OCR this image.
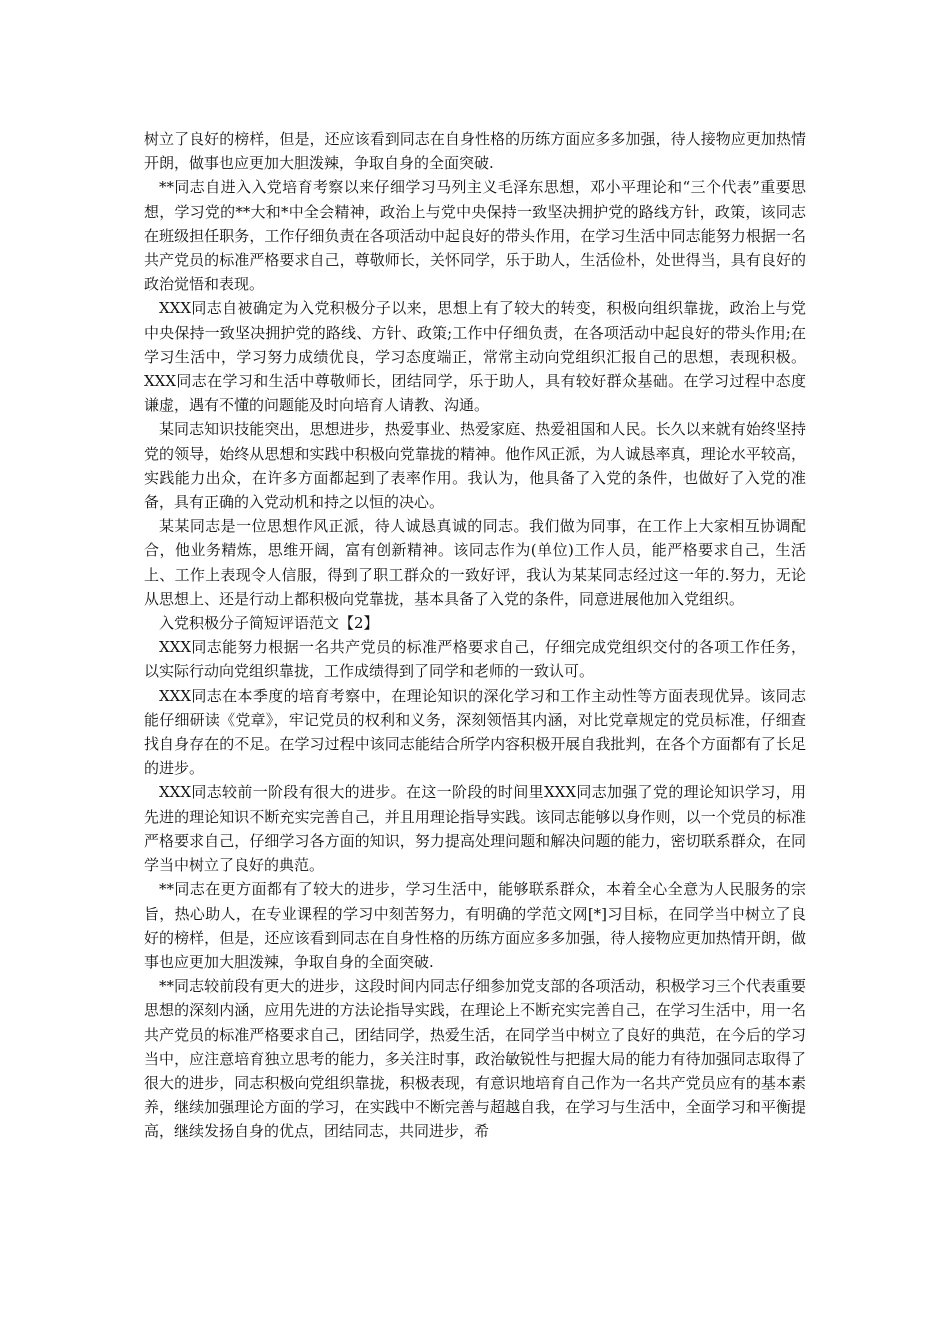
树立了良好的榜样，但是，还应该看到同志在自身性格的历练方面应多多加强，待人接物应更加热情开朗，做事也应更加大胆泼辣，争取自身的全面突破.

**同志自进入入党培育考察以来仔细学习马列主义毛泽东思想，邓小平理论和“三个代表”重要思想，学习党的**大和*中全会精神，政治上与党中央保持一致坚决拥护党的路线方针，政策，该同志在班级担任职务，工作仔细负责在各项活动中起良好的带头作用，在学习生活中同志能努力根据一名共产党员的标准严格要求自己，尊敬师长，关怀同学，乐于助人，生活俭朴，处世得当，具有良好的政治觉悟和表现。

XXX同志自被确定为入党积极分子以来，思想上有了较大的转变，积极向组织靠拢，政治上与党中央保持一致坚决拥护党的路线、方针、政策;工作中仔细负责，在各项活动中起良好的带头作用;在学习生活中，学习努力成绩优良，学习态度端正，常常主动向党组织汇报自己的思想，表现积极。XXX同志在学习和生活中尊敬师长，团结同学，乐于助人，具有较好群众基础。在学习过程中态度谦虚，遇有不懂的问题能及时向培育人请教、沟通。

某同志知识技能突出，思想进步，热爱事业、热爱家庭、热爱祖国和人民。长久以来就有始终坚持党的领导，始终从思想和实践中积极向党靠拢的精神。他作风正派，为人诚恳率真，理论水平较高，实践能力出众，在许多方面都起到了表率作用。我认为，他具备了入党的条件，也做好了入党的准备，具有正确的入党动机和持之以恒的决心。

某某同志是一位思想作风正派，待人诚恳真诚的同志。我们做为同事，在工作上大家相互协调配合，他业务精炼，思维开阔，富有创新精神。该同志作为(单位)工作人员，能严格要求自己，生活上、工作上表现令人信服，得到了职工群众的一致好评，我认为某某同志经过这一年的.努力，无论从思想上、还是行动上都积极向党靠拢，基本具备了入党的条件，同意进展他加入党组织。

入党积极分子简短评语范文【2】

XXX同志能努力根据一名共产党员的标准严格要求自己，仔细完成党组织交付的各项工作任务，以实际行动向党组织靠拢，工作成绩得到了同学和老师的一致认可。

XXX同志在本季度的培育考察中，在理论知识的深化学习和工作主动性等方面表现优异。该同志能仔细研读《党章》，牢记党员的权利和义务，深刻领悟其内涵，对比党章规定的党员标准，仔细查找自身存在的不足。在学习过程中该同志能结合所学内容积极开展自我批判，在各个方面都有了长足的进步。

XXX同志较前一阶段有很大的进步。在这一阶段的时间里XXX同志加强了党的理论知识学习，用先进的理论知识不断充实完善自己，并且用理论指导实践。该同志能够以身作则，以一个党员的标准严格要求自己，仔细学习各方面的知识，努力提高处理问题和解决问题的能力，密切联系群众，在同学当中树立了良好的典范。

**同志在更方面都有了较大的进步，学习生活中，能够联系群众，本着全心全意为人民服务的宗旨，热心助人，在专业课程的学习中刻苦努力，有明确的学范文网[*]习目标，在同学当中树立了良好的榜样，但是，还应该看到同志在自身性格的历练方面应多多加强，待人接物应更加热情开朗，做事也应更加大胆泼辣，争取自身的全面突破.

**同志较前段有更大的进步，这段时间内同志仔细参加党支部的各项活动，积极学习三个代表重要思想的深刻内涵，应用先进的方法论指导实践，在理论上不断充实完善自己，在学习生活中，用一名共产党员的标准严格要求自己，团结同学，热爱生活，在同学当中树立了良好的典范，在今后的学习当中，应注意培育独立思考的能力，多关注时事，政治敏锐性与把握大局的能力有待加强同志取得了很大的进步，同志积极向党组织靠拢，积极表现，有意识地培育自己作为一名共产党员应有的基本素养，继续加强理论方面的学习，在实践中不断完善与超越自我，在学习与生活中，全面学习和平衡提高，继续发扬自身的优点，团结同志，共同进步，希
